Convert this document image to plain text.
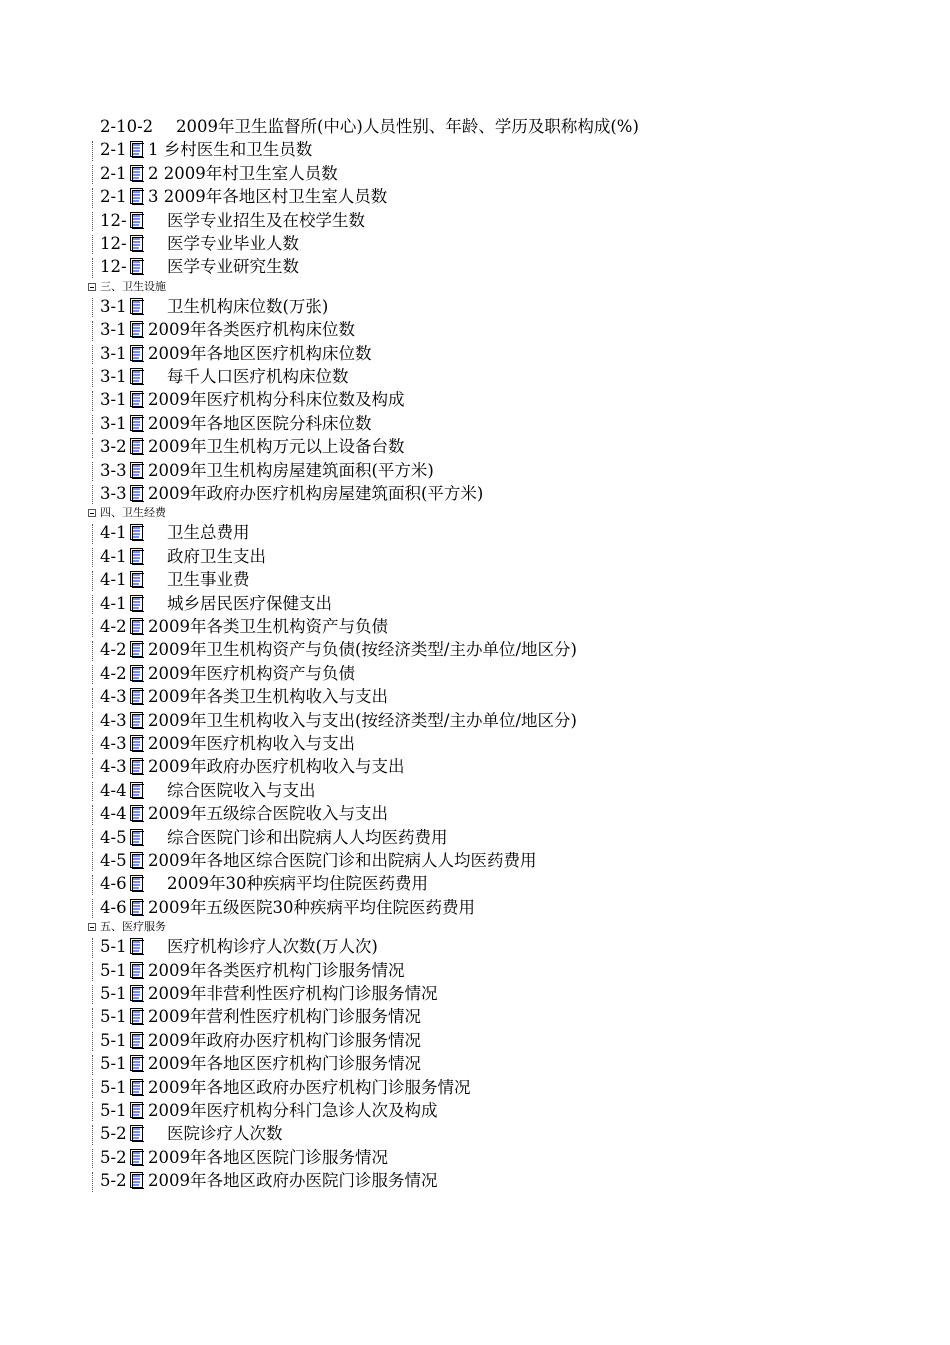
2-10-2 2009年卫生监督所(中心)人员性别、年龄、学历及职称构成(%)
2-1 1 乡村医生和卫生员数
2-1 2 2009年村卫生室人员数
2-1 3 2009年各地区村卫生室人员数
12- 医学专业招生及在校学生数
12- 医学专业毕业人数
12- 医学专业研究生数
三、卫生设施
3-1 卫生机构床位数(万张)
3-1 2009年各类医疗机构床位数
3-1 2009年各地区医疗机构床位数
3-1 每千人口医疗机构床位数
3-1 2009年医疗机构分科床位数及构成
3-1 2009年各地区医院分科床位数
3-2 2009年卫生机构万元以上设备台数
3-3 2009年卫生机构房屋建筑面积(平方米)
3-3 2009年政府办医疗机构房屋建筑面积(平方米)
四、卫生经费
4-1 卫生总费用
4-1 政府卫生支出
4-1 卫生事业费
4-1 城乡居民医疗保健支出
4-2 2009年各类卫生机构资产与负债
4-2 2009年卫生机构资产与负债(按经济类型/主办单位/地区分)
4-2 2009年医疗机构资产与负债
4-3 2009年各类卫生机构收入与支出
4-3 2009年卫生机构收入与支出(按经济类型/主办单位/地区分)
4-3 2009年医疗机构收入与支出
4-3 2009年政府办医疗机构收入与支出
4-4 综合医院收入与支出
4-4 2009年五级综合医院收入与支出
4-5 综合医院门诊和出院病人人均医药费用
4-5 2009年各地区综合医院门诊和出院病人人均医药费用
4-6 2009年30种疾病平均住院医药费用
4-6 2009年五级医院30种疾病平均住院医药费用
五、医疗服务
5-1 医疗机构诊疗人次数(万人次)
5-1 2009年各类医疗机构门诊服务情况
5-1 2009年非营利性医疗机构门诊服务情况
5-1 2009年营利性医疗机构门诊服务情况
5-1 2009年政府办医疗机构门诊服务情况
5-1 2009年各地区医疗机构门诊服务情况
5-1 2009年各地区政府办医疗机构门诊服务情况
5-1 2009年医疗机构分科门急诊人次及构成
5-2 医院诊疗人次数
5-2 2009年各地区医院门诊服务情况
5-2 2009年各地区政府办医院门诊服务情况
